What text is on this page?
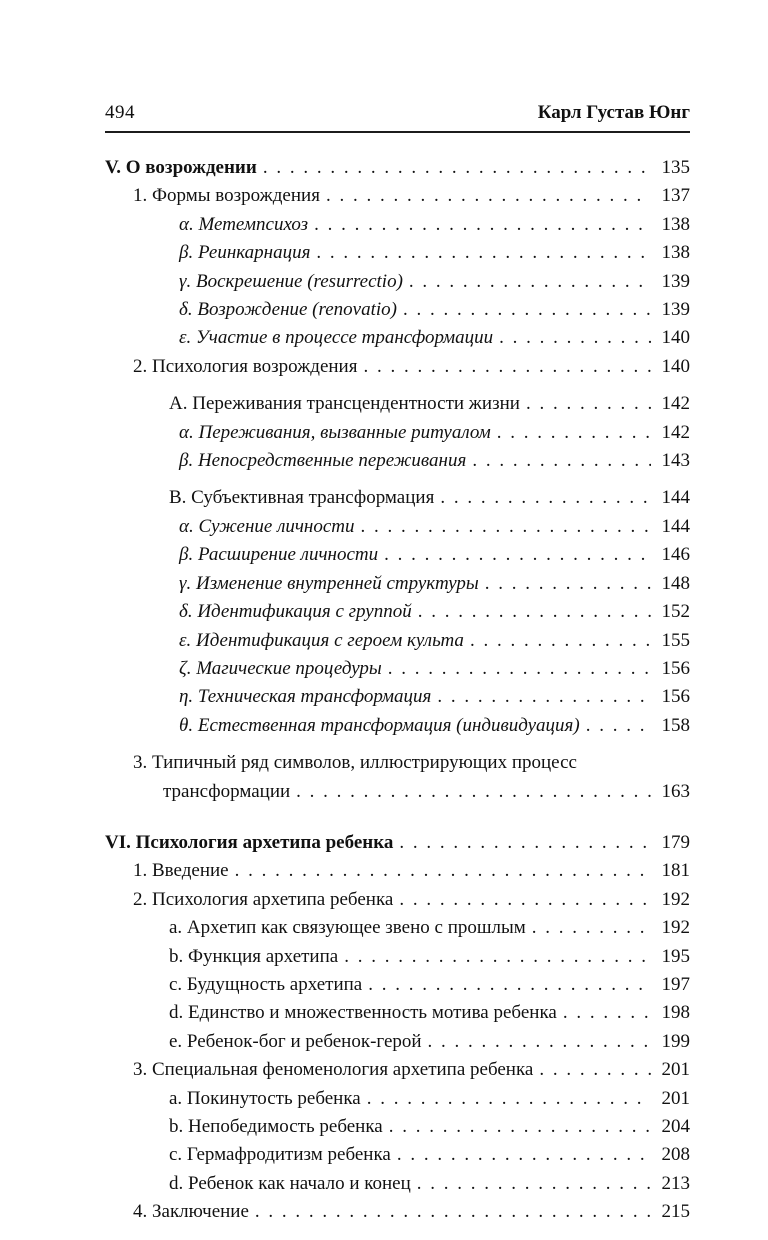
494	Карл Густав Юнг
V. О возрождении . . .	135
1. Формы возрождения . . .	137
α. Метемпсихоз . . .	138
β. Реинкарнация . . .	138
γ. Воскрешение (resurrectio) . . .	139
δ. Возрождение (renovatio) . . .	139
ε. Участие в процессе трансформации . . .	140
2. Психология возрождения . . .	140
А. Переживания трансцендентности жизни . . .	142
α. Переживания, вызванные ритуалом . . .	142
β. Непосредственные переживания . . .	143
В. Субъективная трансформация . . .	144
α. Сужение личности . . .	144
β. Расширение личности . . .	146
γ. Изменение внутренней структуры . . .	148
δ. Идентификация с группой . . .	152
ε. Идентификация с героем культа . . .	155
ζ. Магические процедуры . . .	156
η. Техническая трансформация . . .	156
θ. Естественная трансформация (индивидуация) . . .	158
3. Типичный ряд символов, иллюстрирующих процесс
трансформации . . .	163
VI. Психология архетипа ребенка . . .	179
1. Введение . . .	181
2. Психология архетипа ребенка . . .	192
a. Архетип как связующее звено с прошлым . . .	192
b. Функция архетипа . . .	195
c. Будущность архетипа . . .	197
d. Единство и множественность мотива ребенка . . .	198
e. Ребенок-бог и ребенок-герой . . .	199
3. Специальная феноменология архетипа ребенка . . .	201
a. Покинутость ребенка . . .	201
b. Непобедимость ребенка . . .	204
c. Гермафродитизм ребенка . . .	208
d. Ребенок как начало и конец . . .	213
4. Заключение . . .	215
